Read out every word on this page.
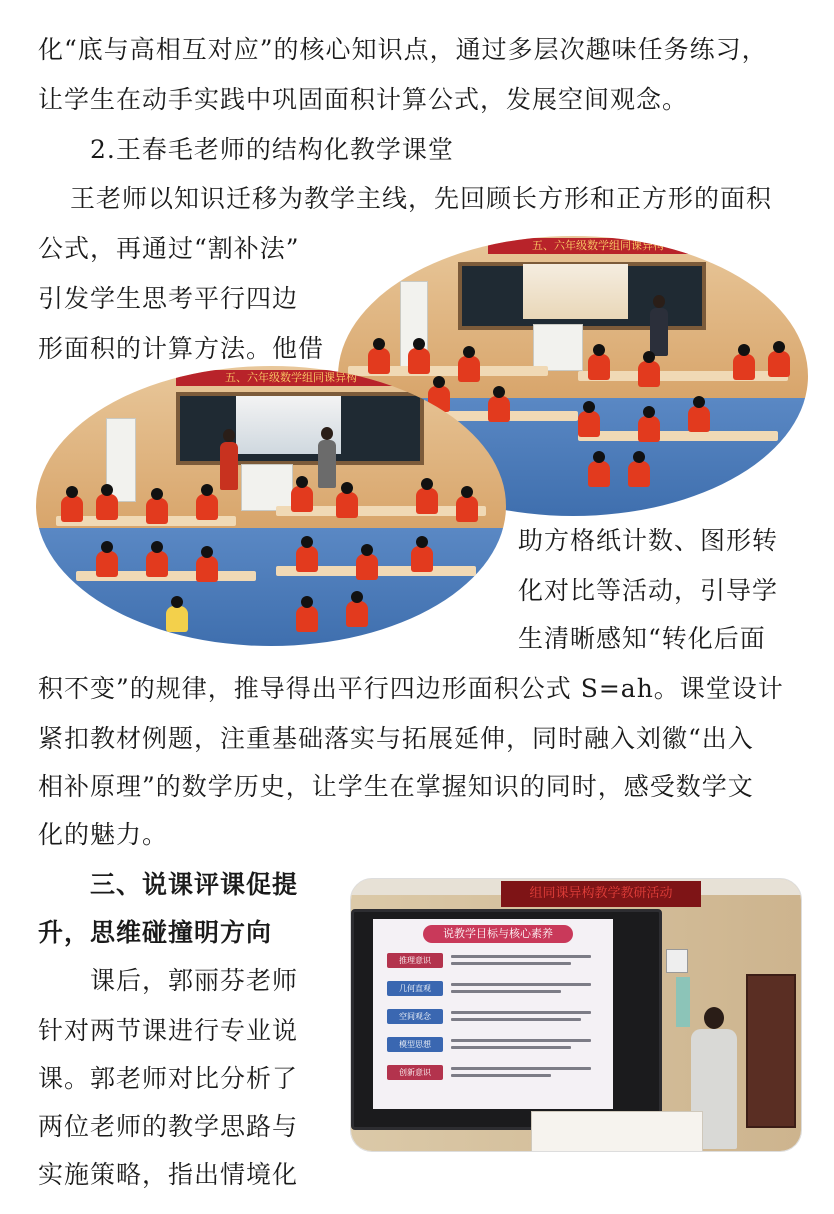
化“底与高相互对应”的核心知识点，通过多层次趣味任务练习，
让学生在动手实践中巩固面积计算公式，发展空间观念。
2.王春毛老师的结构化教学课堂
王老师以知识迁移为教学主线，先回顾长方形和正方形的面积
公式，再通过“割补法”
引发学生思考平行四边
形面积的计算方法。他借
五、六年级数学组同课异构
五、六年级数学组同课异构
助方格纸计数、图形转
化对比等活动，引导学
生清晰感知“转化后面
积不变”的规律，推导得出平行四边形面积公式 S=ah。课堂设计
紧扣教材例题，注重基础落实与拓展延伸，同时融入刘徽“出入
相补原理”的数学历史，让学生在掌握知识的同时，感受数学文
化的魅力。
三、说课评课促提
升，思维碰撞明方向
课后，郭丽芬老师
针对两节课进行专业说
课。郭老师对比分析了
两位老师的教学思路与
实施策略，指出情境化
组同课异构教学教研活动
说教学目标与核心素养
推理意识
几何直观
空间观念
模型思想
创新意识
